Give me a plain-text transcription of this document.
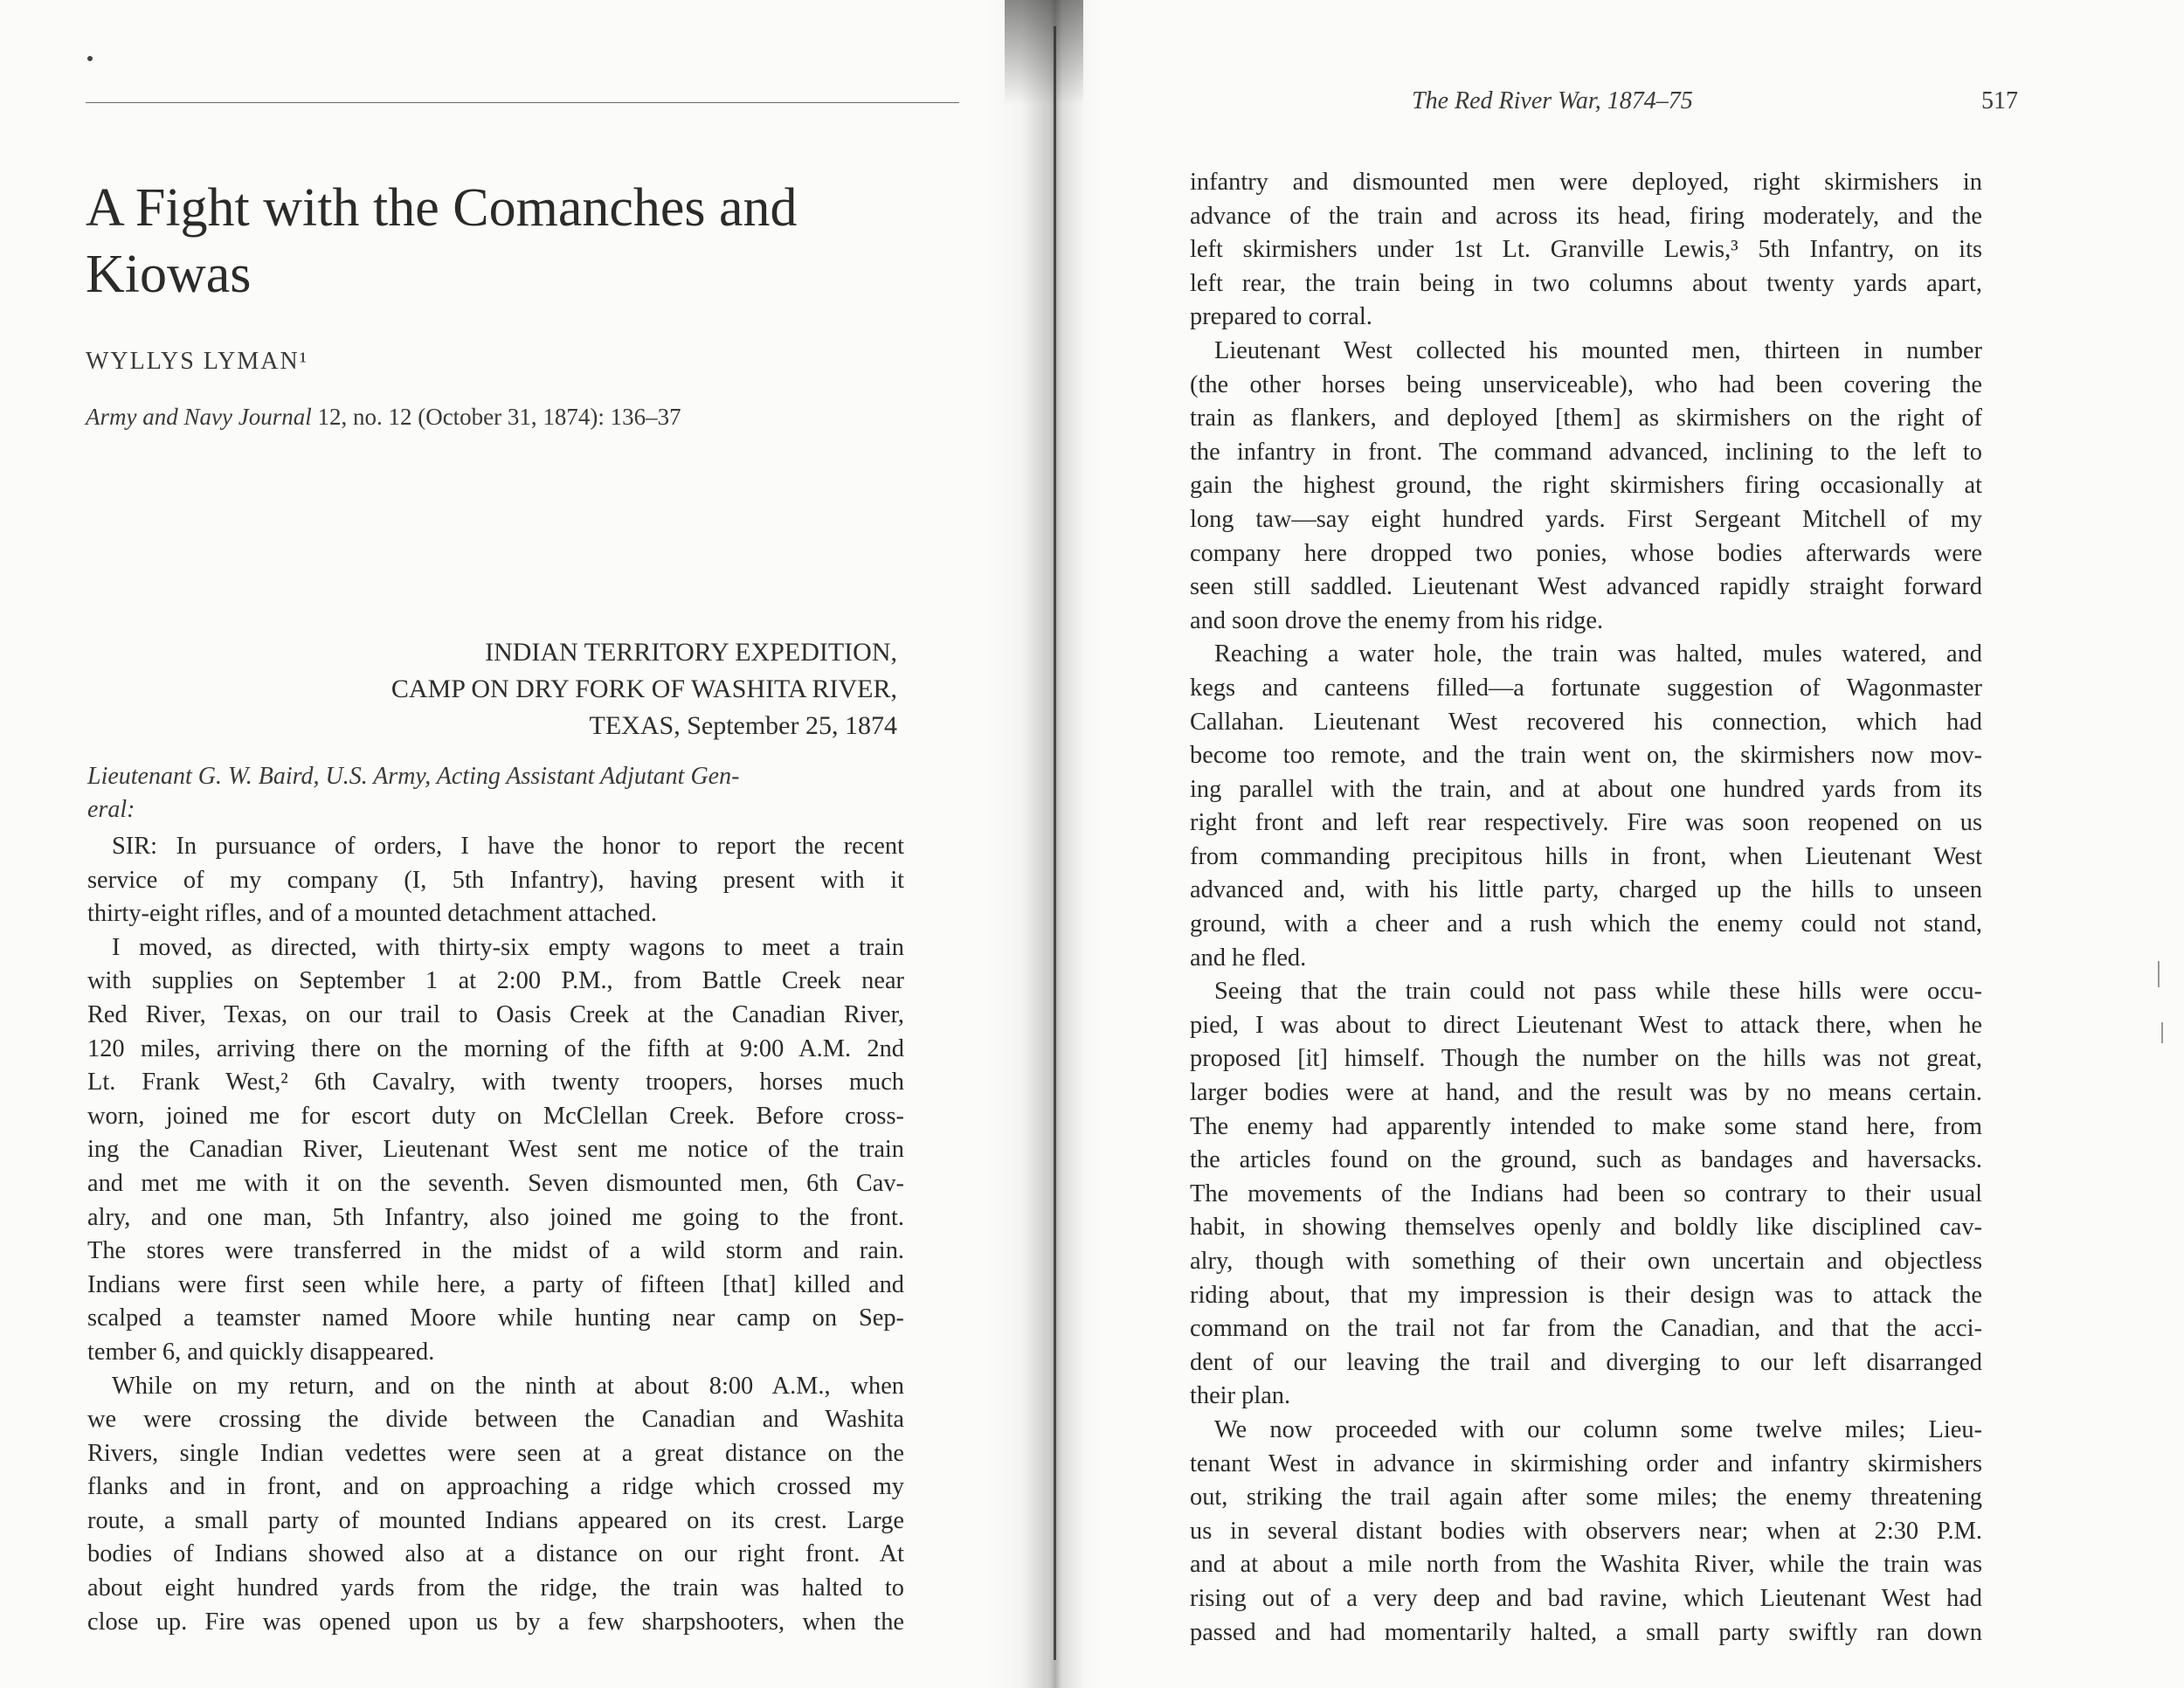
A Fight with the Comanches and Kiowas
WYLLYS LYMAN¹
Army and Navy Journal 12, no. 12 (October 31, 1874): 136–37
INDIAN TERRITORY EXPEDITION,
CAMP ON DRY FORK OF WASHITA RIVER,
TEXAS, September 25, 1874
Lieutenant G. W. Baird, U.S. Army, Acting Assistant Adjutant Gen-
eral:
SIR: In pursuance of orders, I have the honor to report the recent
service of my company (I, 5th Infantry), having present with it
thirty-eight rifles, and of a mounted detachment attached.
I moved, as directed, with thirty-six empty wagons to meet a train
with supplies on September 1 at 2:00 P.M., from Battle Creek near
Red River, Texas, on our trail to Oasis Creek at the Canadian River,
120 miles, arriving there on the morning of the fifth at 9:00 A.M. 2nd
Lt. Frank West,² 6th Cavalry, with twenty troopers, horses much
worn, joined me for escort duty on McClellan Creek. Before cross-
ing the Canadian River, Lieutenant West sent me notice of the train
and met me with it on the seventh. Seven dismounted men, 6th Cav-
alry, and one man, 5th Infantry, also joined me going to the front.
The stores were transferred in the midst of a wild storm and rain.
Indians were first seen while here, a party of fifteen [that] killed and
scalped a teamster named Moore while hunting near camp on Sep-
tember 6, and quickly disappeared.
While on my return, and on the ninth at about 8:00 A.M., when
we were crossing the divide between the Canadian and Washita
Rivers, single Indian vedettes were seen at a great distance on the
flanks and in front, and on approaching a ridge which crossed my
route, a small party of mounted Indians appeared on its crest. Large
bodies of Indians showed also at a distance on our right front. At
about eight hundred yards from the ridge, the train was halted to
close up. Fire was opened upon us by a few sharpshooters, when the
The Red River War, 1874–75	517
infantry and dismounted men were deployed, right skirmishers in
advance of the train and across its head, firing moderately, and the
left skirmishers under 1st Lt. Granville Lewis,³ 5th Infantry, on its
left rear, the train being in two columns about twenty yards apart,
prepared to corral.
Lieutenant West collected his mounted men, thirteen in number
(the other horses being unserviceable), who had been covering the
train as flankers, and deployed [them] as skirmishers on the right of
the infantry in front. The command advanced, inclining to the left to
gain the highest ground, the right skirmishers firing occasionally at
long taw—say eight hundred yards. First Sergeant Mitchell of my
company here dropped two ponies, whose bodies afterwards were
seen still saddled. Lieutenant West advanced rapidly straight forward
and soon drove the enemy from his ridge.
Reaching a water hole, the train was halted, mules watered, and
kegs and canteens filled—a fortunate suggestion of Wagonmaster
Callahan. Lieutenant West recovered his connection, which had
become too remote, and the train went on, the skirmishers now mov-
ing parallel with the train, and at about one hundred yards from its
right front and left rear respectively. Fire was soon reopened on us
from commanding precipitous hills in front, when Lieutenant West
advanced and, with his little party, charged up the hills to unseen
ground, with a cheer and a rush which the enemy could not stand,
and he fled.
Seeing that the train could not pass while these hills were occu-
pied, I was about to direct Lieutenant West to attack there, when he
proposed [it] himself. Though the number on the hills was not great,
larger bodies were at hand, and the result was by no means certain.
The enemy had apparently intended to make some stand here, from
the articles found on the ground, such as bandages and haversacks.
The movements of the Indians had been so contrary to their usual
habit, in showing themselves openly and boldly like disciplined cav-
alry, though with something of their own uncertain and objectless
riding about, that my impression is their design was to attack the
command on the trail not far from the Canadian, and that the acci-
dent of our leaving the trail and diverging to our left disarranged
their plan.
We now proceeded with our column some twelve miles; Lieu-
tenant West in advance in skirmishing order and infantry skirmishers
out, striking the trail again after some miles; the enemy threatening
us in several distant bodies with observers near; when at 2:30 P.M.
and at about a mile north from the Washita River, while the train was
rising out of a very deep and bad ravine, which Lieutenant West had
passed and had momentarily halted, a small party swiftly ran down
